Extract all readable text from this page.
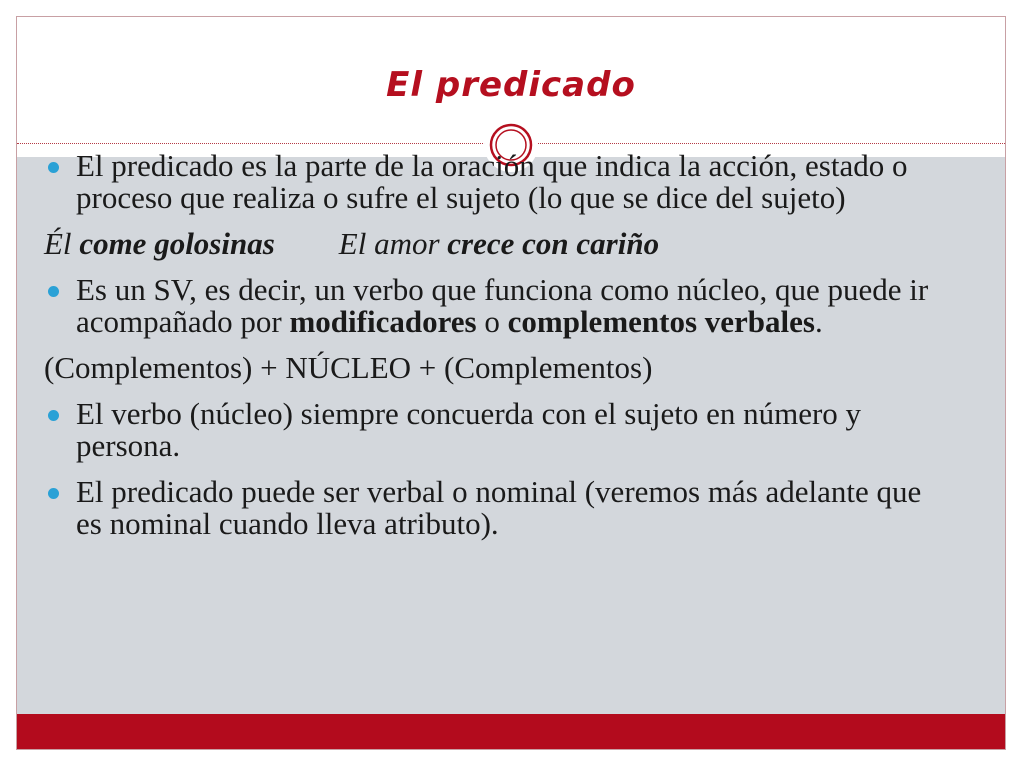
El predicado
El predicado es la parte de la oración que indica la acción, estado o proceso que realiza o sufre el sujeto (lo que se dice del sujeto)
Él come golosinas El amor crece con cariño
Es un SV, es decir, un verbo que funciona como núcleo, que puede ir acompañado por modificadores o complementos verbales.
(Complementos) + NÚCLEO + (Complementos)
El verbo (núcleo) siempre concuerda con el sujeto en número y persona.
El predicado puede ser verbal o nominal (veremos más adelante que es nominal cuando lleva atributo).
